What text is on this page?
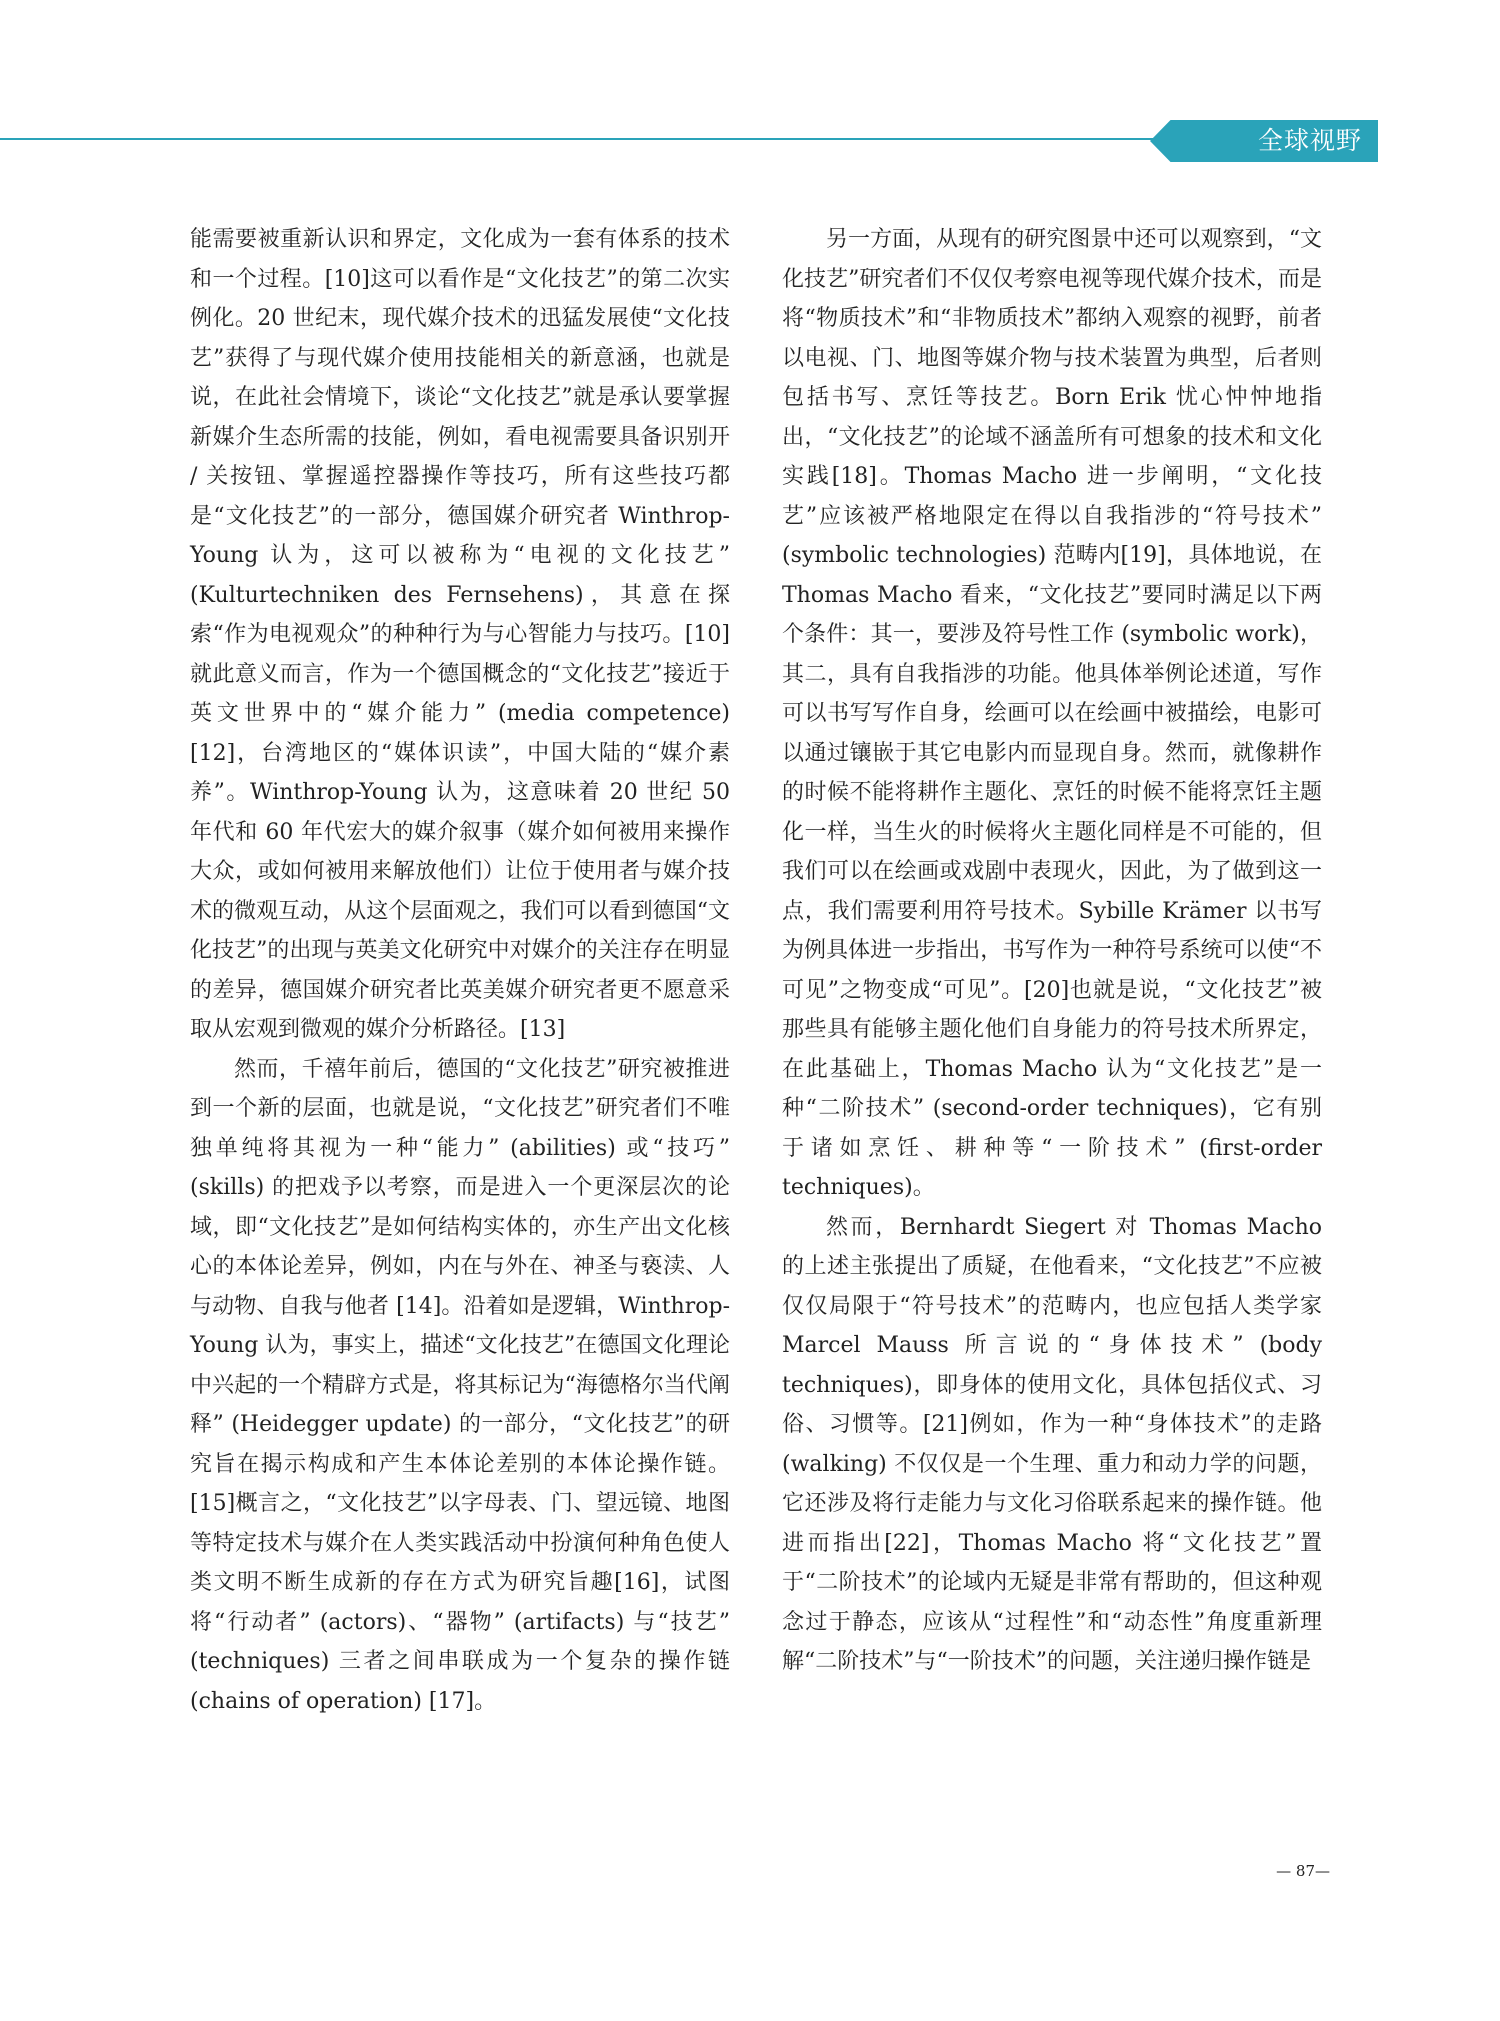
全球视野

能需要被重新认识和界定，文化成为一套有体系的技术和一个过程。[10]这可以看作是“文化技艺”的第二次实例化。20 世纪末，现代媒介技术的迅猛发展使“文化技艺”获得了与现代媒介使用技能相关的新意涵，也就是说，在此社会情境下，谈论“文化技艺”就是承认要掌握新媒介生态所需的技能，例如，看电视需要具备识别开 / 关按钮、掌握遥控器操作等技巧，所有这些技巧都是“文化技艺”的一部分，德国媒介研究者 Winthrop-Young 认为，这可以被称为“电视的文化技艺” (Kulturtechniken des Fernsehens)，其意在探索“作为电视观众”的种种行为与心智能力与技巧。[10]就此意义而言，作为一个德国概念的“文化技艺”接近于英文世界中的“媒介能力” (media competence) [12]，台湾地区的“媒体识读”，中国大陆的“媒介素养”。Winthrop-Young 认为，这意味着 20 世纪 50 年代和 60 年代宏大的媒介叙事（媒介如何被用来操作大众，或如何被用来解放他们）让位于使用者与媒介技术的微观互动，从这个层面观之，我们可以看到德国“文化技艺”的出现与英美文化研究中对媒介的关注存在明显的差异，德国媒介研究者比英美媒介研究者更不愿意采取从宏观到微观的媒介分析路径。[13]

然而，千禧年前后，德国的“文化技艺”研究被推进到一个新的层面，也就是说，“文化技艺”研究者们不唯独单纯将其视为一种“能力” (abilities) 或“技巧” (skills) 的把戏予以考察，而是进入一个更深层次的论域，即“文化技艺”是如何结构实体的，亦生产出文化核心的本体论差异，例如，内在与外在、神圣与亵渎、人与动物、自我与他者 [14]。沿着如是逻辑，Winthrop-Young 认为，事实上，描述“文化技艺”在德国文化理论中兴起的一个精辟方式是，将其标记为“海德格尔当代阐释” (Heidegger update) 的一部分，“文化技艺”的研究旨在揭示构成和产生本体论差别的本体论操作链。[15]概言之，“文化技艺”以字母表、门、望远镜、地图等特定技术与媒介在人类实践活动中扮演何种角色使人类文明不断生成新的存在方式为研究旨趣[16]，试图将“行动者” (actors)、“器物” (artifacts) 与“技艺” (techniques) 三者之间串联成为一个复杂的操作链 (chains of operation) [17]。

另一方面，从现有的研究图景中还可以观察到，“文化技艺”研究者们不仅仅考察电视等现代媒介技术，而是将“物质技术”和“非物质技术”都纳入观察的视野，前者以电视、门、地图等媒介物与技术装置为典型，后者则包括书写、烹饪等技艺。Born Erik 忧心忡忡地指出，“文化技艺”的论域不涵盖所有可想象的技术和文化实践[18]。Thomas Macho 进一步阐明，“文化技艺”应该被严格地限定在得以自我指涉的“符号技术” (symbolic technologies) 范畴内[19]，具体地说，在 Thomas Macho 看来，“文化技艺”要同时满足以下两个条件：其一，要涉及符号性工作 (symbolic work)，其二，具有自我指涉的功能。他具体举例论述道，写作可以书写写作自身，绘画可以在绘画中被描绘，电影可以通过镶嵌于其它电影内而显现自身。然而，就像耕作的时候不能将耕作主题化、烹饪的时候不能将烹饪主题化一样，当生火的时候将火主题化同样是不可能的，但我们可以在绘画或戏剧中表现火，因此，为了做到这一点，我们需要利用符号技术。Sybille Krämer 以书写为例具体进一步指出，书写作为一种符号系统可以使“不可见”之物变成“可见”。[20]也就是说，“文化技艺”被那些具有能够主题化他们自身能力的符号技术所界定，在此基础上，Thomas Macho 认为“文化技艺”是一种“二阶技术” (second-order techniques)，它有别于诸如烹饪、耕种等“一阶技术” (first-order techniques)。

然而，Bernhardt Siegert 对 Thomas Macho 的上述主张提出了质疑，在他看来，“文化技艺”不应被仅仅局限于“符号技术”的范畴内，也应包括人类学家 Marcel Mauss 所言说的“身体技术” (body techniques)，即身体的使用文化，具体包括仪式、习俗、习惯等。[21]例如，作为一种“身体技术”的走路 (walking) 不仅仅是一个生理、重力和动力学的问题，它还涉及将行走能力与文化习俗联系起来的操作链。他进而指出[22]，Thomas Macho 将“文化技艺”置于“二阶技术”的论域内无疑是非常有帮助的，但这种观念过于静态，应该从“过程性”和“动态性”角度重新理解“二阶技术”与“一阶技术”的问题，关注递归操作链是

— 87—
